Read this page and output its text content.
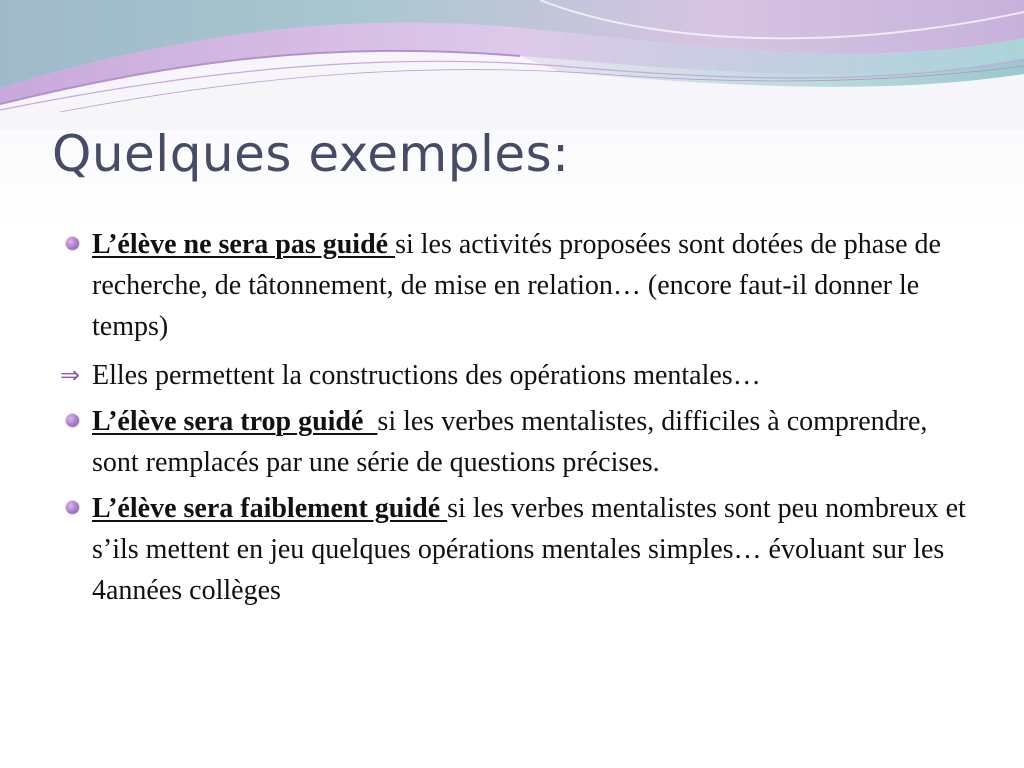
Quelques exemples:
L’élève ne sera pas guidé si les activités proposées sont dotées de phase de recherche, de tâtonnement, de mise en relation… (encore faut-il donner le temps)
⇒ Elles permettent la constructions des opérations mentales…
L’élève sera trop guidé  si les verbes mentalistes, difficiles à comprendre, sont remplacés par une série de questions précises.
L’élève sera faiblement guidé si les verbes mentalistes sont peu nombreux et s’ils mettent en jeu quelques opérations mentales simples… évoluant sur les 4années collèges
